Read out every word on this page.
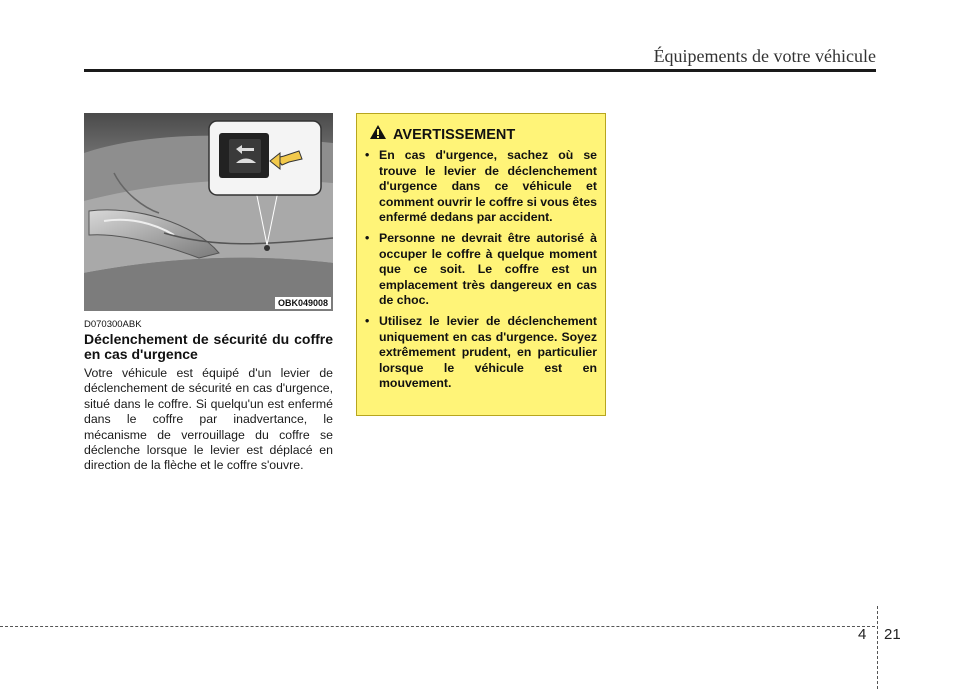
Équipements de votre véhicule
OBK049008
D070300ABK
Déclenchement de sécurité du coffre en cas d'urgence

Votre véhicule est équipé d'un levier de déclenchement de sécurité en cas d'urgence, situé dans le coffre. Si quelqu'un est enfermé dans le coffre par inadvertance, le mécanisme de verrouillage du coffre se déclenche lorsque le levier est déplacé en direction de la flèche et le coffre s'ouvre.

AVERTISSEMENT
• En cas d'urgence, sachez où se trouve le levier de déclenchement d'urgence dans ce véhicule et comment ouvrir le coffre si vous êtes enfermé dedans par accident.
• Personne ne devrait être autorisé à occuper le coffre à quelque moment que ce soit. Le coffre est un emplacement très dangereux en cas de choc.
• Utilisez le levier de déclenchement uniquement en cas d'urgence. Soyez extrêmement prudent, en particulier lorsque le véhicule est en mouvement.
4 21
